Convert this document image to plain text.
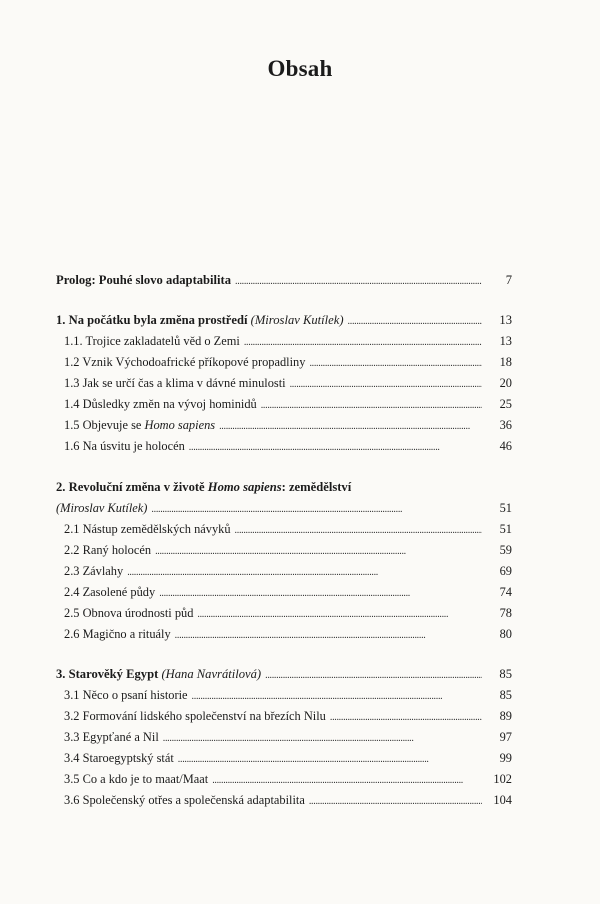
Obsah
Prolog: Pouhé slovo adaptabilita . . .	7
1. Na počátku byla změna prostředí (Miroslav Kutílek) . . .	13
1.1. Trojice zakladatelů věd o Zemi . . .	13
1.2 Vznik Východoafrické příkopové propadliny . . .	18
1.3 Jak se určí čas a klima v dávné minulosti . . .	20
1.4 Důsledky změn na vývoj hominidů . . .	25
1.5 Objevuje se Homo sapiens . . .	36
1.6 Na úsvitu je holocén . . .	46
2. Revoluční změna v životě Homo sapiens: zemědělství
(Miroslav Kutílek) . . .	51
2.1 Nástup zemědělských návyků . . .	51
2.2 Raný holocén . . .	59
2.3 Závlahy . . .	69
2.4 Zasolené půdy . . .	74
2.5 Obnova úrodnosti půd . . .	78
2.6 Magično a rituály . . .	80
3. Starověký Egypt (Hana Navrátilová) . . .	85
3.1 Něco o psaní historie . . .	85
3.2 Formování lidského společenství na březích Nilu . . .	89
3.3 Egypťané a Nil . . .	97
3.4 Staroegyptský stát . . .	99
3.5 Co a kdo je to maat/Maat . . .	102
3.6 Společenský otřes a společenská adaptabilita . . .	104
